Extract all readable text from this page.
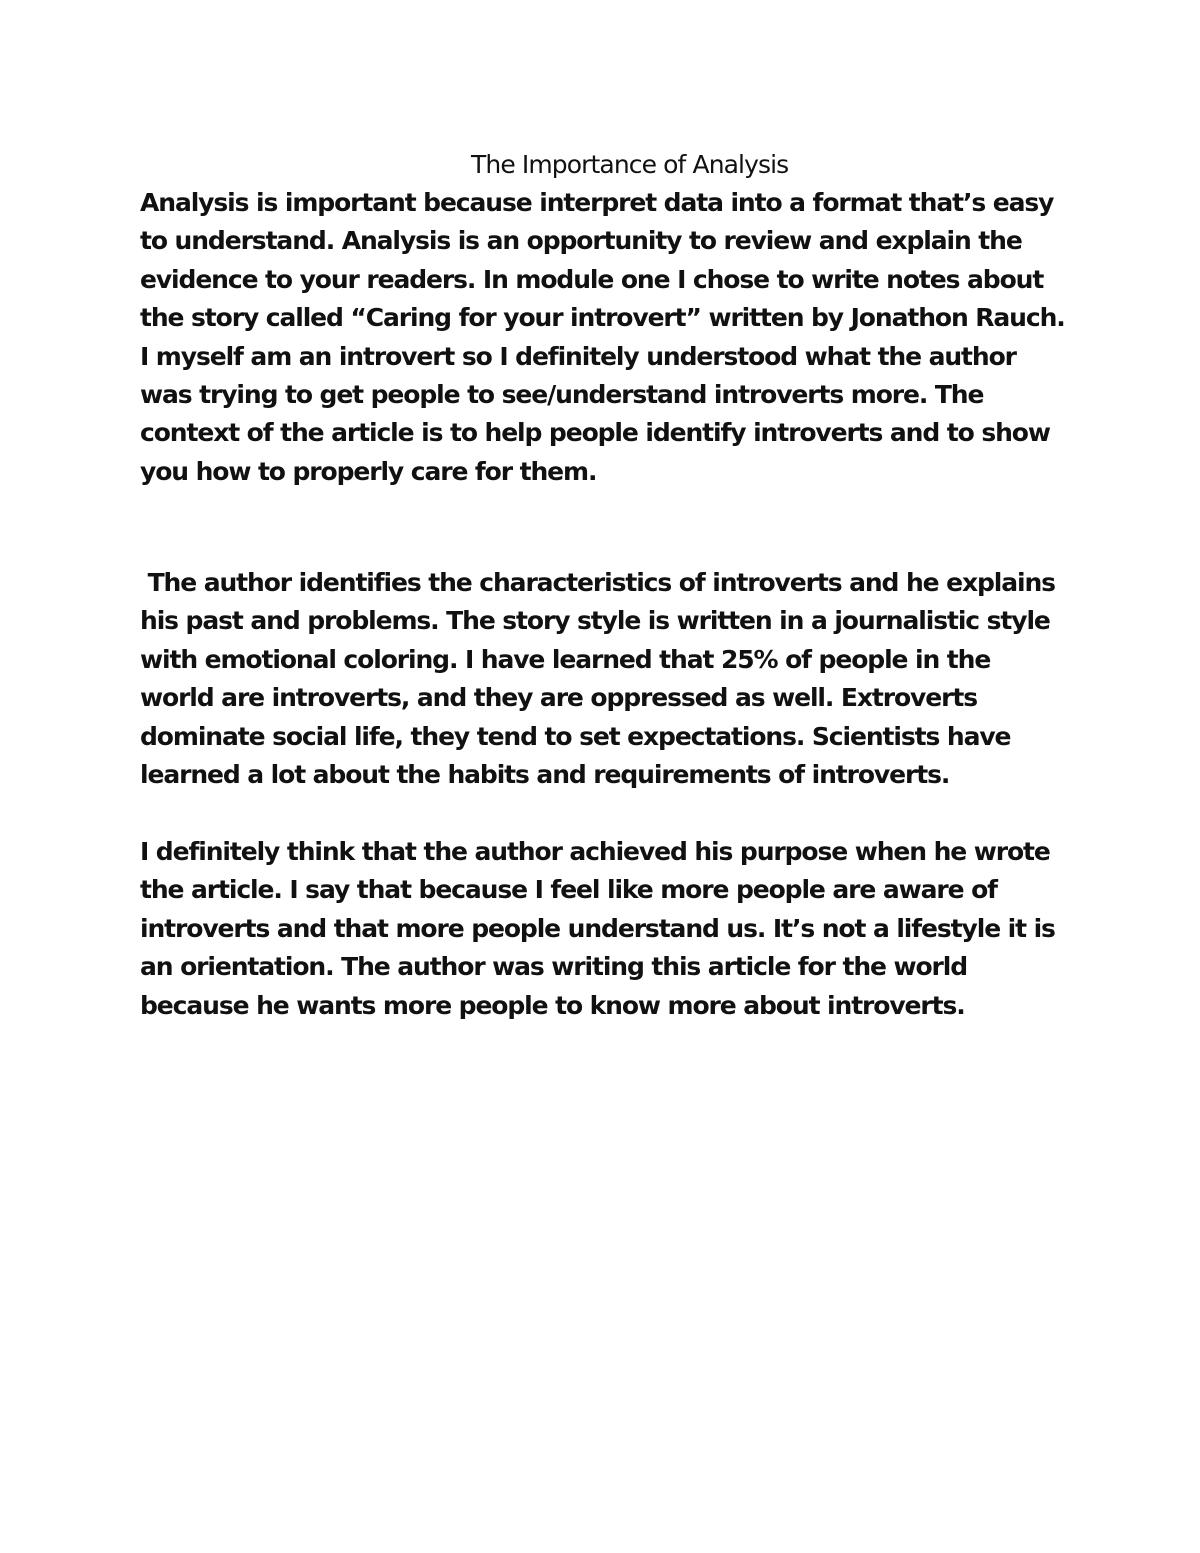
The Importance of Analysis

Analysis is important because interpret data into a format that’s easy
to understand. Analysis is an opportunity to review and explain the
evidence to your readers. In module one I chose to write notes about
the story called “Caring for your introvert” written by Jonathon Rauch.
I myself am an introvert so I definitely understood what the author
was trying to get people to see/understand introverts more. The
context of the article is to help people identify introverts and to show
you how to properly care for them.

The author identifies the characteristics of introverts and he explains
his past and problems. The story style is written in a journalistic style
with emotional coloring. I have learned that 25% of people in the
world are introverts, and they are oppressed as well. Extroverts
dominate social life, they tend to set expectations. Scientists have
learned a lot about the habits and requirements of introverts.

I definitely think that the author achieved his purpose when he wrote
the article. I say that because I feel like more people are aware of
introverts and that more people understand us. It’s not a lifestyle it is
an orientation. The author was writing this article for the world
because he wants more people to know more about introverts.
